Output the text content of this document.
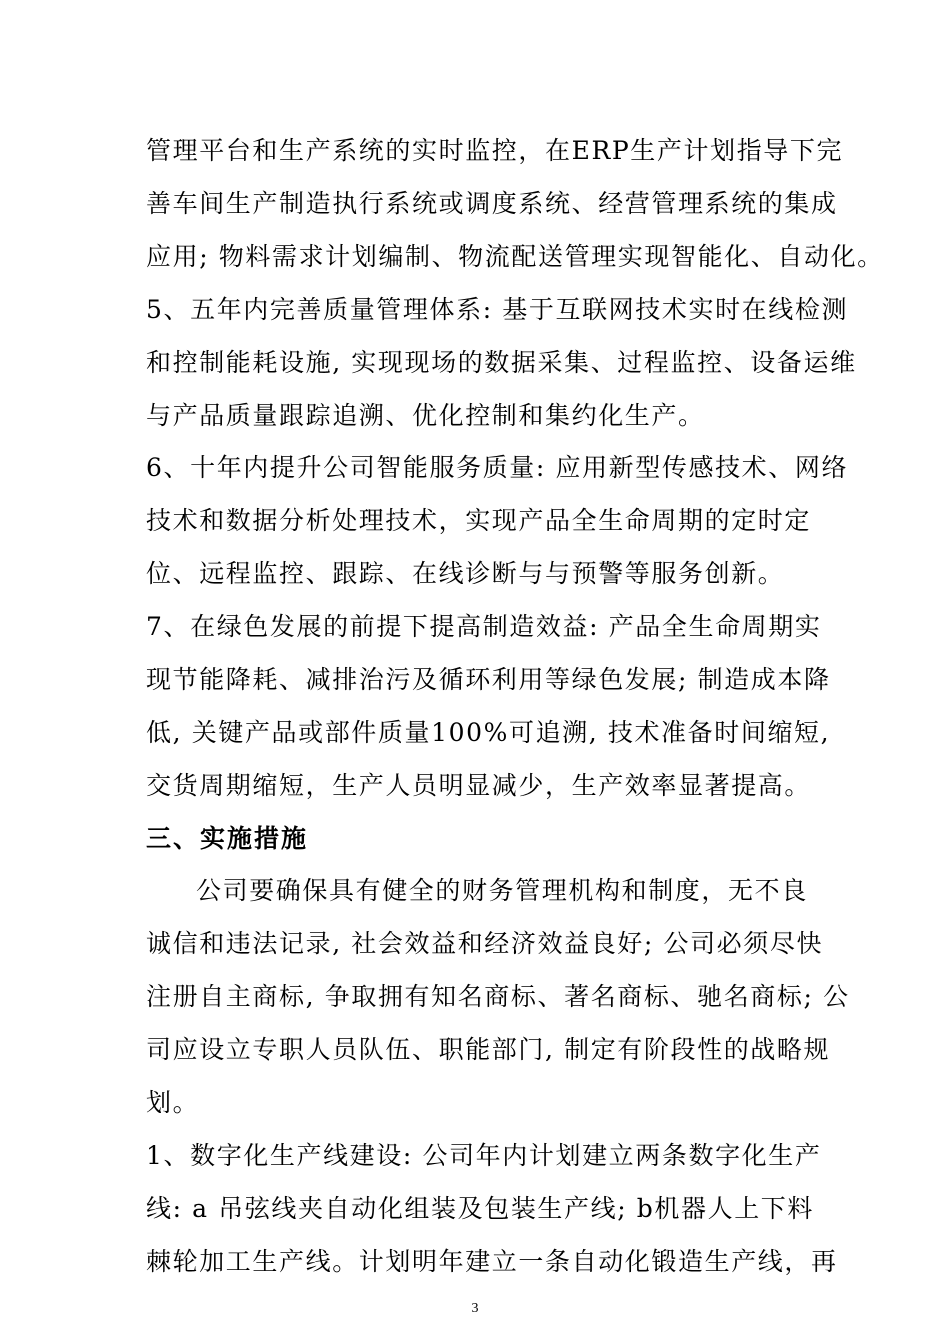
管理平台和生产系统的实时监控，在ERP生产计划指导下完
善车间生产制造执行系统或调度系统、经营管理系统的集成
应用; 物料需求计划编制、物流配送管理实现智能化、自动化。
5、五年内完善质量管理体系: 基于互联网技术实时在线检测
和控制能耗设施, 实现现场的数据采集、过程监控、设备运维
与产品质量跟踪追溯、优化控制和集约化生产。
6、十年内提升公司智能服务质量: 应用新型传感技术、网络
技术和数据分析处理技术，实现产品全生命周期的定时定
位、远程监控、跟踪、在线诊断与与预警等服务创新。
7、在绿色发展的前提下提高制造效益: 产品全生命周期实
现节能降耗、减排治污及循环利用等绿色发展; 制造成本降
低, 关键产品或部件质量100%可追溯, 技术准备时间缩短,
交货周期缩短，生产人员明显减少，生产效率显著提高。
三、实施措施
公司要确保具有健全的财务管理机构和制度，无不良
诚信和违法记录, 社会效益和经济效益良好; 公司必须尽快
注册自主商标, 争取拥有知名商标、著名商标、驰名商标; 公
司应设立专职人员队伍、职能部门, 制定有阶段性的战略规
划。
1、数字化生产线建设: 公司年内计划建立两条数字化生产
线: a 吊弦线夹自动化组装及包装生产线; b机器人上下料
棘轮加工生产线。计划明年建立一条自动化锻造生产线，再
3
